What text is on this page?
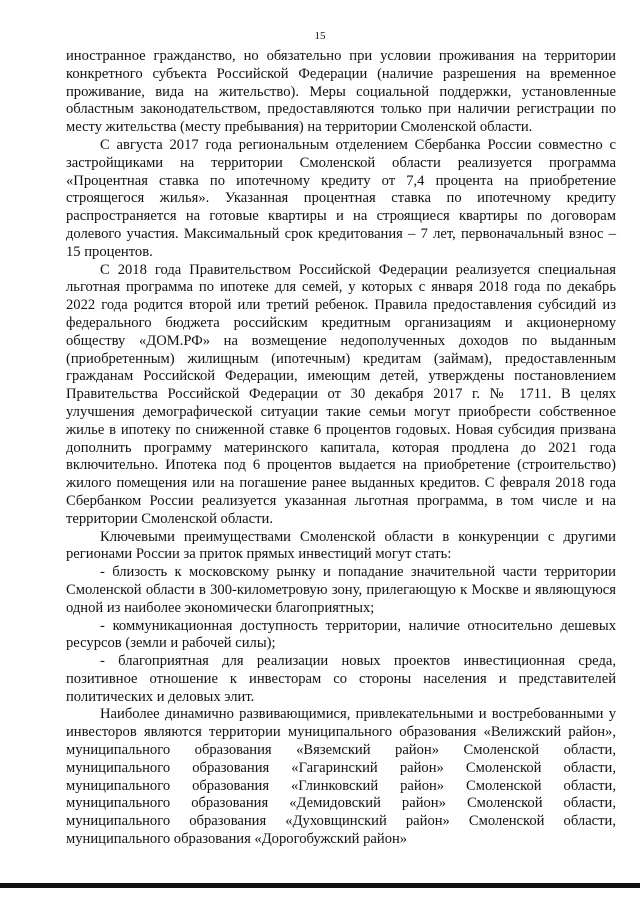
15

иностранное гражданство, но обязательно при условии проживания на территории конкретного субъекта Российской Федерации (наличие разрешения на временное проживание, вида на жительство). Меры социальной поддержки, установленные областным законодательством, предоставляются только при наличии регистрации по месту жительства (месту пребывания) на территории Смоленской области.

С августа 2017 года региональным отделением Сбербанка России совместно с застройщиками на территории Смоленской области реализуется программа «Процентная ставка по ипотечному кредиту от 7,4 процента на приобретение строящегося жилья». Указанная процентная ставка по ипотечному кредиту распространяется на готовые квартиры и на строящиеся квартиры по договорам долевого участия. Максимальный срок кредитования – 7 лет, первоначальный взнос – 15 процентов.

С 2018 года Правительством Российской Федерации реализуется специальная льготная программа по ипотеке для семей, у которых с января 2018 года по декабрь 2022 года родится второй или третий ребенок. Правила предоставления субсидий из федерального бюджета российским кредитным организациям и акционерному обществу «ДОМ.РФ» на возмещение недополученных доходов по выданным (приобретенным) жилищным (ипотечным) кредитам (займам), предоставленным гражданам Российской Федерации, имеющим детей, утверждены постановлением Правительства Российской Федерации от 30 декабря 2017 г. № 1711. В целях улучшения демографической ситуации такие семьи могут приобрести собственное жилье в ипотеку по сниженной ставке 6 процентов годовых. Новая субсидия призвана дополнить программу материнского капитала, которая продлена до 2021 года включительно. Ипотека под 6 процентов выдается на приобретение (строительство) жилого помещения или на погашение ранее выданных кредитов. С февраля 2018 года Сбербанком России реализуется указанная льготная программа, в том числе и на территории Смоленской области.

Ключевыми преимуществами Смоленской области в конкуренции с другими регионами России за приток прямых инвестиций могут стать:

- близость к московскому рынку и попадание значительной части территории Смоленской области в 300-километровую зону, прилегающую к Москве и являющуюся одной из наиболее экономически благоприятных;

- коммуникационная доступность территории, наличие относительно дешевых ресурсов (земли и рабочей силы);

- благоприятная для реализации новых проектов инвестиционная среда, позитивное отношение к инвесторам со стороны населения и представителей политических и деловых элит.

Наиболее динамично развивающимися, привлекательными и востребованными у инвесторов являются территории муниципального образования «Велижский район», муниципального образования «Вяземский район» Смоленской области, муниципального образования «Гагаринский район» Смоленской области, муниципального образования «Глинковский район» Смоленской области, муниципального образования «Демидовский район» Смоленской области, муниципального образования «Духовщинский район» Смоленской области, муниципального образования «Дорогобужский район»
